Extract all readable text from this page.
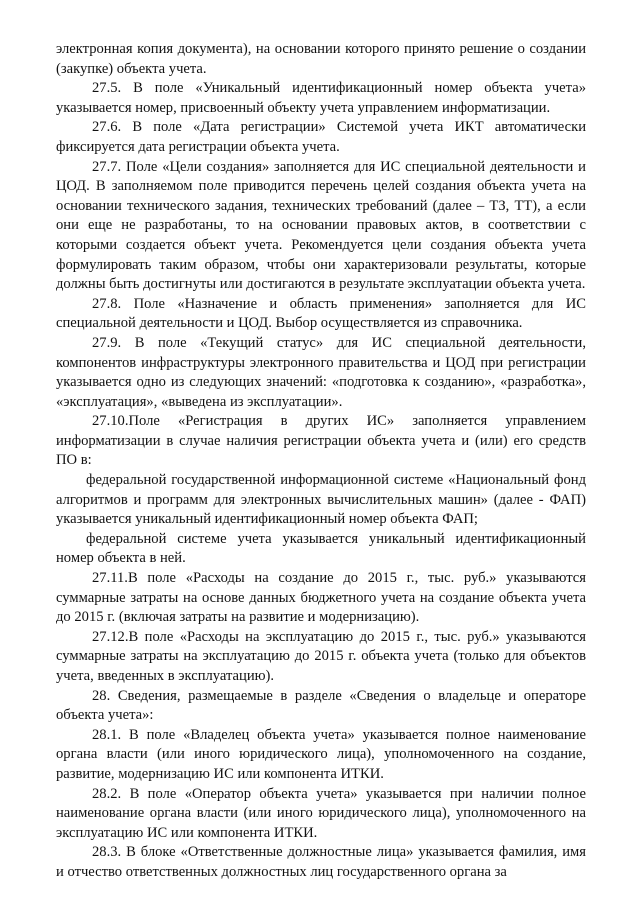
электронная копия документа), на основании которого принято решение о создании (закупке) объекта учета.

27.5. В поле «Уникальный идентификационный номер объекта учета» указывается номер, присвоенный объекту учета управлением информатизации.

27.6. В поле «Дата регистрации» Системой учета ИКТ автоматически фиксируется дата регистрации объекта учета.

27.7. Поле «Цели создания» заполняется для ИС специальной деятельности и ЦОД. В заполняемом поле приводится перечень целей создания объекта учета на основании технического задания, технических требований (далее – ТЗ, ТТ), а если они еще не разработаны, то на основании правовых актов, в соответствии с которыми создается объект учета. Рекомендуется цели создания объекта учета формулировать таким образом, чтобы они характеризовали результаты, которые должны быть достигнуты или достигаются в результате эксплуатации объекта учета.

27.8. Поле «Назначение и область применения» заполняется для ИС специальной деятельности и ЦОД. Выбор осуществляется из справочника.

27.9. В поле «Текущий статус» для ИС специальной деятельности, компонентов инфраструктуры электронного правительства и ЦОД при регистрации указывается одно из следующих значений: «подготовка к созданию», «разработка», «эксплуатация», «выведена из эксплуатации».

27.10.Поле «Регистрация в других ИС» заполняется управлением информатизации в случае наличия регистрации объекта учета и (или) его средств ПО в:

федеральной государственной информационной системе «Национальный фонд алгоритмов и программ для электронных вычислительных машин» (далее - ФАП) указывается уникальный идентификационный номер объекта ФАП;

федеральной системе учета указывается уникальный идентификационный номер объекта в ней.

27.11.В поле «Расходы на создание до 2015 г., тыс. руб.» указываются суммарные затраты на основе данных бюджетного учета на создание объекта учета до 2015 г. (включая затраты на развитие и модернизацию).

27.12.В поле «Расходы на эксплуатацию до 2015 г., тыс. руб.» указываются суммарные затраты на эксплуатацию до 2015 г. объекта учета (только для объектов учета, введенных в эксплуатацию).

28. Сведения, размещаемые в разделе «Сведения о владельце и операторе объекта учета»:

28.1. В поле «Владелец объекта учета» указывается полное наименование органа власти (или иного юридического лица), уполномоченного на создание, развитие, модернизацию ИС или компонента ИТКИ.

28.2. В поле «Оператор объекта учета» указывается при наличии полное наименование органа власти (или иного юридического лица), уполномоченного на эксплуатацию ИС или компонента ИТКИ.

28.3. В блоке «Ответственные должностные лица» указывается фамилия, имя и отчество ответственных должностных лиц государственного органа за
